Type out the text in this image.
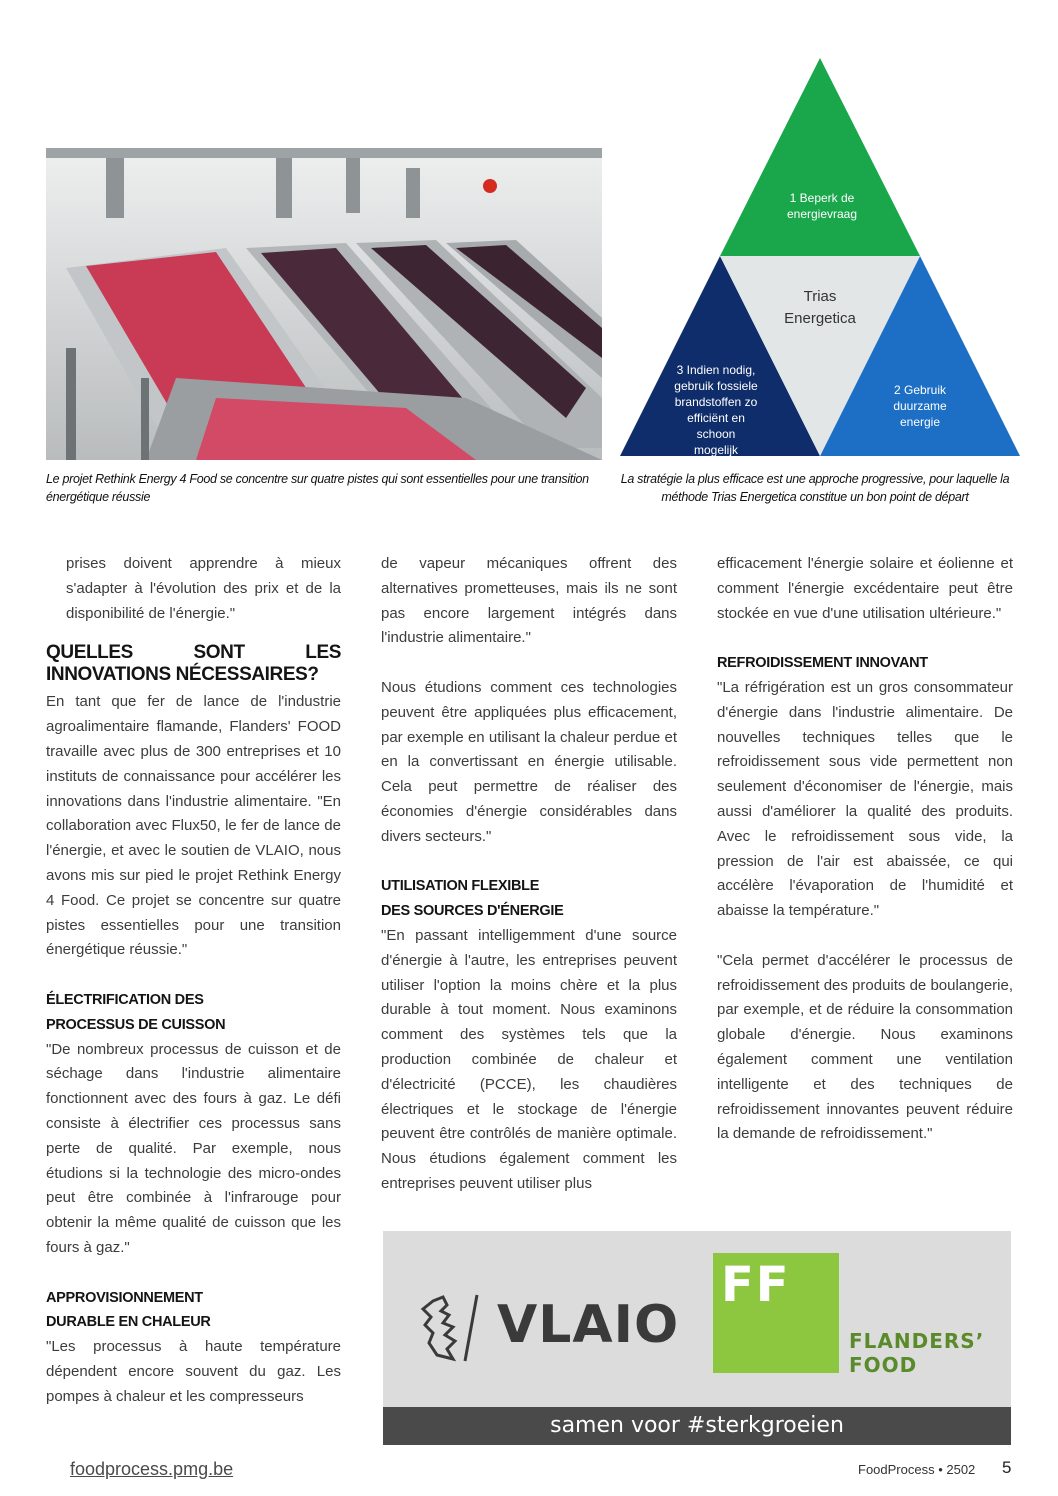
1 Beperk de
energievraag
Trias
Energetica
3 Indien nodig,
gebruik fossiele
brandstoffen zo
efficiënt en
schoon
mogelijk
2 Gebruik
duurzame
energie
Le projet Rethink Energy 4 Food se concentre sur quatre pistes qui sont essentielles pour une transition énergétique réussie
La stratégie la plus efficace est une approche progressive, pour laquelle la méthode Trias Energetica constitue un bon point de départ

prises doivent apprendre à mieux s'adapter à l'évolution des prix et de la disponibilité de l'énergie."

QUELLES SONT LES INNOVATIONS NÉCESSAIRES?

En tant que fer de lance de l'industrie agroalimentaire flamande, Flanders' FOOD travaille avec plus de 300 entreprises et 10 instituts de connaissance pour accélérer les innovations dans l'industrie alimentaire. "En collaboration avec Flux50, le fer de lance de l'énergie, et avec le soutien de VLAIO, nous avons mis sur pied le projet Rethink Energy 4 Food. Ce projet se concentre sur quatre pistes essentielles pour une transition énergétique réussie."

ÉLECTRIFICATION DES
PROCESSUS DE CUISSON

"De nombreux processus de cuisson et de séchage dans l'industrie alimentaire fonctionnent avec des fours à gaz. Le défi consiste à électrifier ces processus sans perte de qualité. Par exemple, nous étudions si la technologie des micro-ondes peut être combinée à l'infrarouge pour obtenir la même qualité de cuisson que les fours à gaz."

APPROVISIONNEMENT
DURABLE EN CHALEUR

"Les processus à haute température dépendent encore souvent du gaz. Les pompes à chaleur et les compresseurs

de vapeur mécaniques offrent des alternatives prometteuses, mais ils ne sont pas encore largement intégrés dans l'industrie alimentaire."

Nous étudions comment ces technologies peuvent être appliquées plus efficacement, par exemple en utilisant la chaleur perdue et en la convertissant en énergie utilisable. Cela peut permettre de réaliser des économies d'énergie considérables dans divers secteurs."

UTILISATION FLEXIBLE
DES SOURCES D'ÉNERGIE

"En passant intelligemment d'une source d'énergie à l'autre, les entreprises peuvent utiliser l'option la moins chère et la plus durable à tout moment. Nous examinons comment des systèmes tels que la production combinée de chaleur et d'électricité (PCCE), les chaudières électriques et le stockage de l'énergie peuvent être contrôlés de manière optimale. Nous étudions également comment les entreprises peuvent utiliser plus

efficacement l'énergie solaire et éolienne et comment l'énergie excédentaire peut être stockée en vue d'une utilisation ultérieure."

REFROIDISSEMENT INNOVANT

"La réfrigération est un gros consommateur d'énergie dans l'industrie alimentaire. De nouvelles techniques telles que le refroidissement sous vide permettent non seulement d'économiser de l'énergie, mais aussi d'améliorer la qualité des produits. Avec le refroidissement sous vide, la pression de l'air est abaissée, ce qui accélère l'évaporation de l'humidité et abaisse la température."

"Cela permet d'accélérer le processus de refroidissement des produits de boulangerie, par exemple, et de réduire la consommation globale d'énergie. Nous examinons également comment une ventilation intelligente et des techniques de refroidissement innovantes peuvent réduire la demande de refroidissement."

VLAIO
FF
FLANDERS’
FOOD
samen voor #sterkgroeien
foodprocess.pmg.be	FoodProcess • 2502 5
